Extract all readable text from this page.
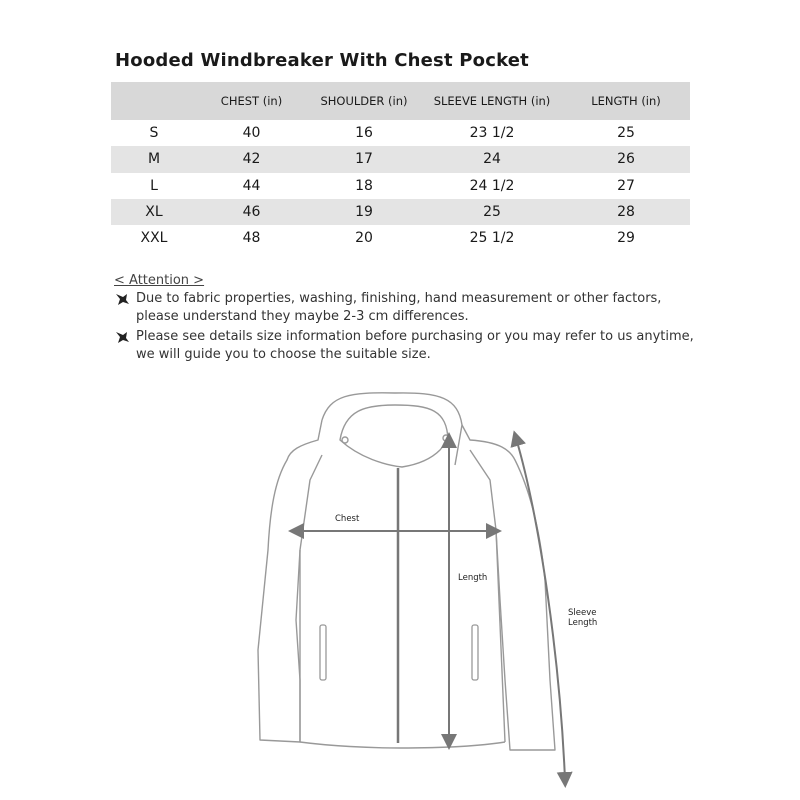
Hooded Windbreaker With Chest Pocket
	CHEST (in)	SHOULDER (in)	SLEEVE LENGTH (in)	LENGTH (in)
S	40	16	23 1/2	25
M	42	17	24	26
L	44	18	24 1/2	27
XL	46	19	25	28
XXL	48	20	25 1/2	29
< Attention >
Due to fabric properties, washing, finishing, hand measurement or other factors,
please understand they maybe 2-3 cm differences.
Please see details size information before purchasing or you may refer to us anytime,
we will guide you to choose the suitable size.
Chest
Length
Sleeve
Length
